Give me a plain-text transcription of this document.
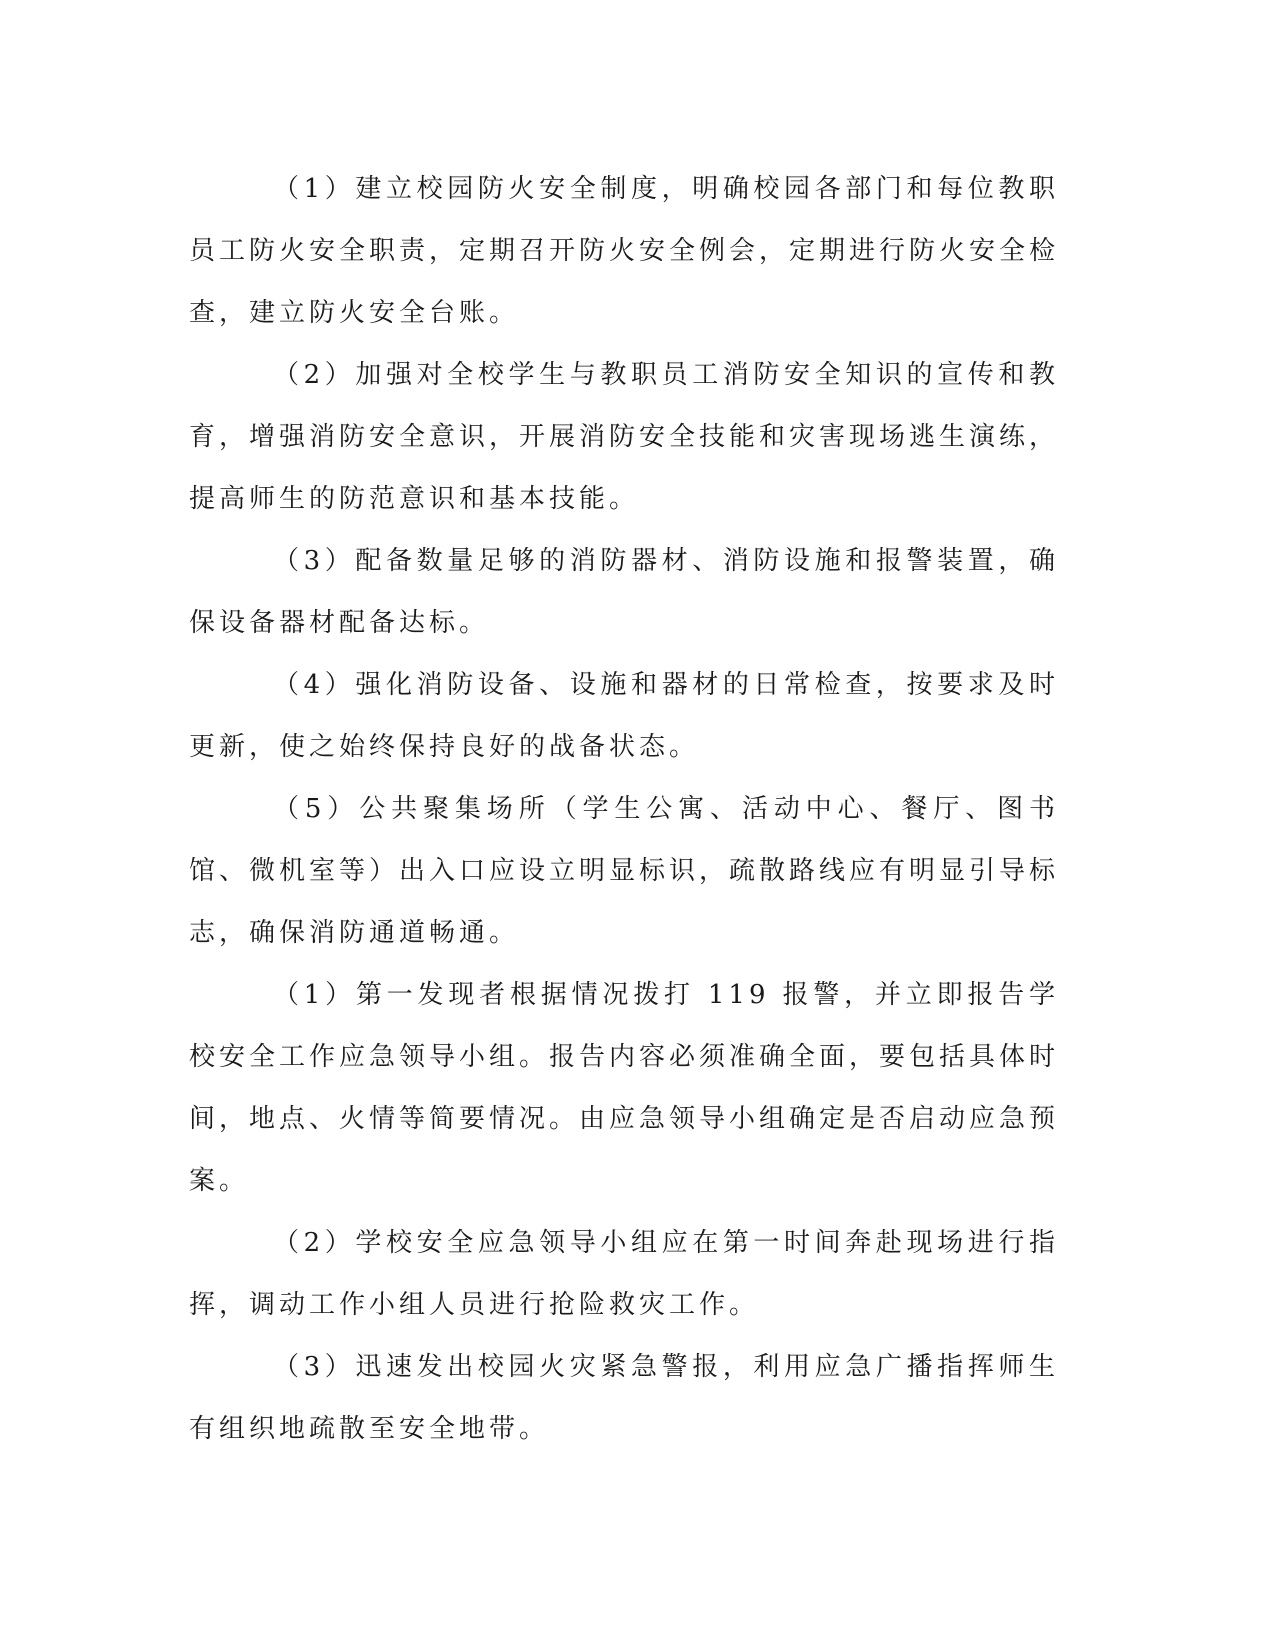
（1）建立校园防火安全制度，明确校园各部门和每位教职员工防火安全职责，定期召开防火安全例会，定期进行防火安全检查，建立防火安全台账。

（2）加强对全校学生与教职员工消防安全知识的宣传和教育，增强消防安全意识，开展消防安全技能和灾害现场逃生演练，提高师生的防范意识和基本技能。

（3）配备数量足够的消防器材、消防设施和报警装置，确保设备器材配备达标。

（4）强化消防设备、设施和器材的日常检查，按要求及时更新，使之始终保持良好的战备状态。

（5）公共聚集场所（学生公寓、活动中心、餐厅、图书馆、微机室等）出入口应设立明显标识，疏散路线应有明显引导标志，确保消防通道畅通。

（1）第一发现者根据情况拨打 119 报警，并立即报告学校安全工作应急领导小组。报告内容必须准确全面，要包括具体时间，地点、火情等简要情况。由应急领导小组确定是否启动应急预案。

（2）学校安全应急领导小组应在第一时间奔赴现场进行指挥，调动工作小组人员进行抢险救灾工作。

（3）迅速发出校园火灾紧急警报，利用应急广播指挥师生有组织地疏散至安全地带。
